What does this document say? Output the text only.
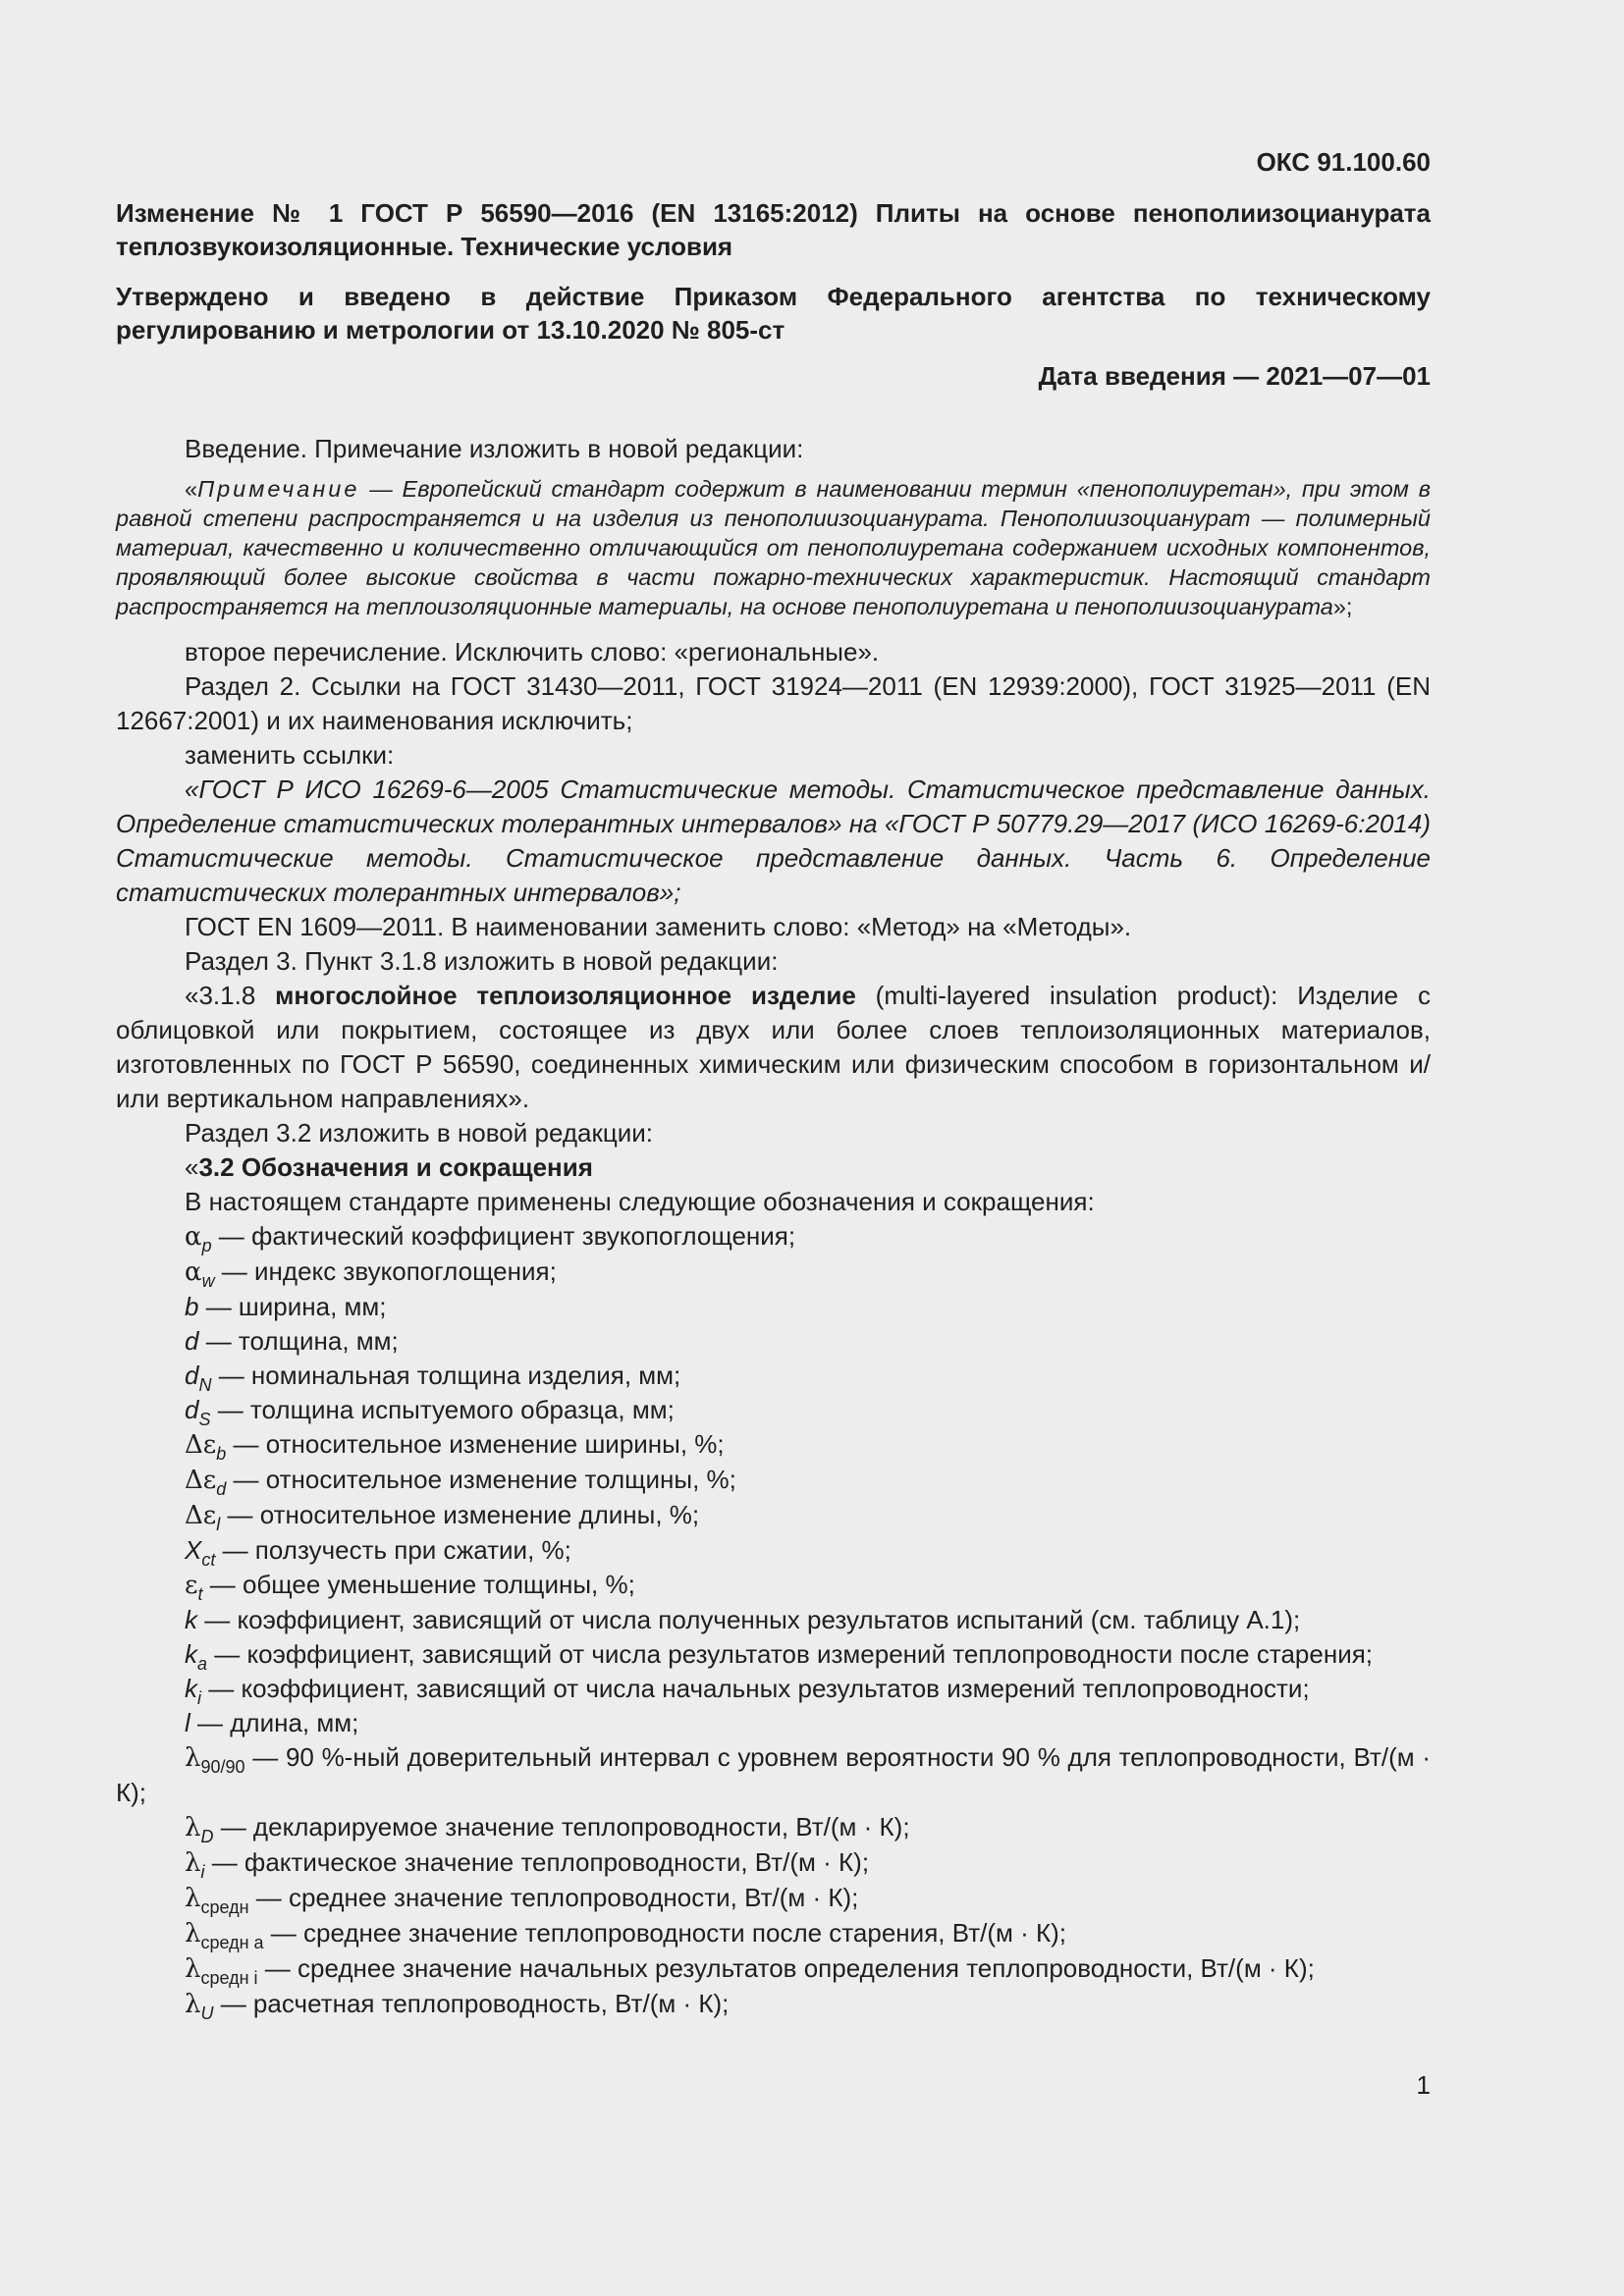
ОКС 91.100.60
Изменение № 1 ГОСТ Р 56590—2016 (EN 13165:2012) Плиты на основе пенополиизоцианурата теплозвукоизоляционные. Технические условия
Утверждено и введено в действие Приказом Федерального агентства по техническому регулированию и метрологии от 13.10.2020 № 805-ст
Дата введения — 2021—07—01

Введение. Примечание изложить в новой редакции:

«Примечание — Европейский стандарт содержит в наименовании термин «пенополиуретан», при этом в равной степени распространяется и на изделия из пенополиизоцианурата. Пенополиизоцианурат — полимерный материал, качественно и количественно отличающийся от пенополиуретана содержанием исходных компонентов, проявляющий более высокие свойства в части пожарно-технических характеристик. Настоящий стандарт распространяется на теплоизоляционные материалы, на основе пенополиуретана и пенополиизоцианурата»;

второе перечисление. Исключить слово: «региональные».

Раздел 2. Ссылки на ГОСТ 31430—2011, ГОСТ 31924—2011 (EN 12939:2000), ГОСТ 31925—2011 (EN 12667:2001) и их наименования исключить;

заменить ссылки:

«ГОСТ Р ИСО 16269-6—2005 Статистические методы. Статистическое представление данных. Определение статистических толерантных интервалов» на «ГОСТ Р 50779.29—2017 (ИСО 16269-6:2014) Статистические методы. Статистическое представление данных. Часть 6. Определение статистических толерантных интервалов»;

ГОСТ EN 1609—2011. В наименовании заменить слово: «Метод» на «Методы».

Раздел 3. Пункт 3.1.8 изложить в новой редакции:

«3.1.8 многослойное теплоизоляционное изделие (multi-layered insulation product): Изделие с облицовкой или покрытием, состоящее из двух или более слоев теплоизоляционных материалов, изготовленных по ГОСТ Р 56590, соединенных химическим или физическим способом в горизонтальном и/или вертикальном направлениях».

Раздел 3.2 изложить в новой редакции:

«3.2 Обозначения и сокращения

В настоящем стандарте применены следующие обозначения и сокращения:

$\alpha_p$ — фактический коэффициент звукопоглощения;

$\alpha_w$ — индекс звукопоглощения;

b — ширина, мм;

d — толщина, мм;

$d_N$ — номинальная толщина изделия, мм;

$d_S$ — толщина испытуемого образца, мм;

$\Delta\varepsilon_b$ — относительное изменение ширины, %;

$\Delta\varepsilon_d$ — относительное изменение толщины, %;

$\Delta\varepsilon_l$ — относительное изменение длины, %;

$X_{ct}$ — ползучесть при сжатии, %;

$\varepsilon_t$ — общее уменьшение толщины, %;

k — коэффициент, зависящий от числа полученных результатов испытаний (см. таблицу А.1);

$k_a$ — коэффициент, зависящий от числа результатов измерений теплопроводности после старения;

$k_i$ — коэффициент, зависящий от числа начальных результатов измерений теплопроводности;

l — длина, мм;

$\lambda_{90/90}$ — 90 %-ный доверительный интервал с уровнем вероятности 90 % для теплопроводности, Вт/(м · К);

$\lambda_D$ — декларируемое значение теплопроводности, Вт/(м · К);

$\lambda_i$ — фактическое значение теплопроводности, Вт/(м · К);

$\lambda_{средн}$ — среднее значение теплопроводности, Вт/(м · К);

$\lambda_{средн a}$ — среднее значение теплопроводности после старения, Вт/(м · К);

$\lambda_{средн i}$ — среднее значение начальных результатов определения теплопроводности, Вт/(м · К);

$\lambda_U$ — расчетная теплопроводность, Вт/(м · К);

1
